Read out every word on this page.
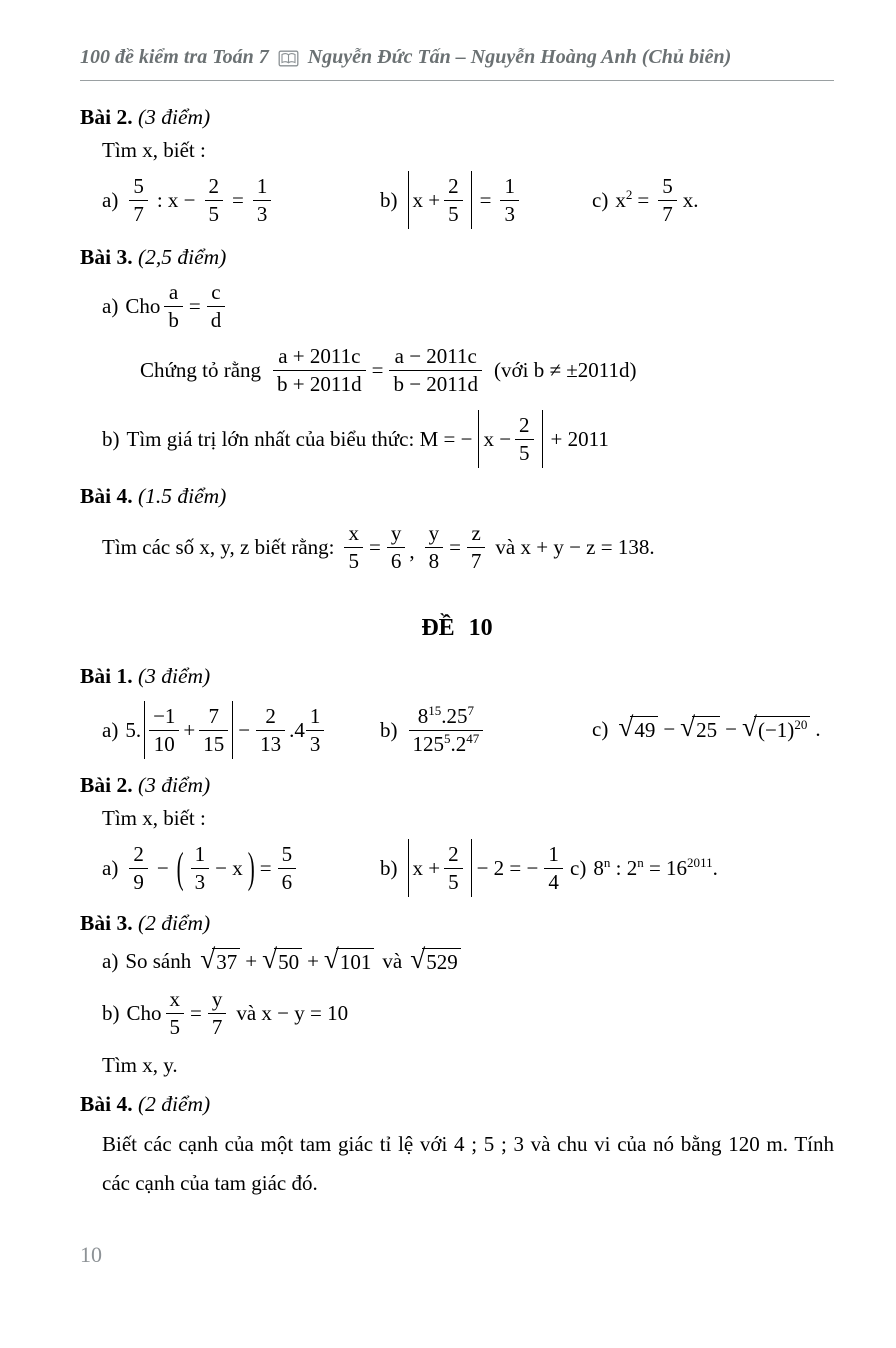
100 đề kiểm tra Toán 7 Nguyễn Đức Tấn – Nguyễn Hoàng Anh (Chủ biên)
Bài 2. (3 điểm)

Tìm x, biết :

$a) \frac{5}{7}$ : $x - \frac{2}{5} = \frac{1}{3}$	b) $x + \frac{2}{5} = \frac{1}{3}$	c) $x^2 = \frac{5}{7} x$.
Bài 3. (2,5 điểm)
a) Cho $\frac{a}{b} = \frac{c}{d}$
Chứng tỏ rằng $\frac{a + 2011c}{b + 2011d} = \frac{a - 2011c}{b - 2011d}$ (với b ≠ ±2011d)
b) Tìm giá trị lớn nhất của biểu thức: M = − $x - \frac{2}{5} + 2011$
Bài 4. (1.5 điểm)
Tìm các số x, y, z biết rằng: $\frac{x}{5} = \frac{y}{6}$ , $\frac{y}{8} = \frac{z}{7}$ và x + y − z = 138.
ĐỀ 10
Bài 1. (3 điểm)
a) 5. $\frac{-1}{10} + \frac{7}{15} - \frac{2}{13} .4 \frac{1}{3}$	$b) \frac{8^{15}.25^7}{125^5.2^{47}}$	c) √ 49 − √ 25 − √ $(-1)^{20}$ .
Bài 2. (3 điểm)

Tìm x, biết :

$a) \frac{2}{9}$ − ( $\frac{1}{3} - x$ ) = $\frac{5}{6}$	b) $x + \frac{2}{5} - 2$ = − $\frac{1}{4} c$) 8$^n$ : $2^n = 16^{2011}$.
Bài 3. (2 điểm)
a) So sánh √ 37 + √ 50 + √ 101 và √ 529
b) Cho $\frac{x}{5} = \frac{y}{7}$ và x − y = 10

Tìm x, y.

Bài 4. (2 điểm)

Biết các cạnh của một tam giác tỉ lệ với 4 ; 5 ; 3 và chu vi của nó bằng 120 m. Tính các cạnh của tam giác đó.

10
